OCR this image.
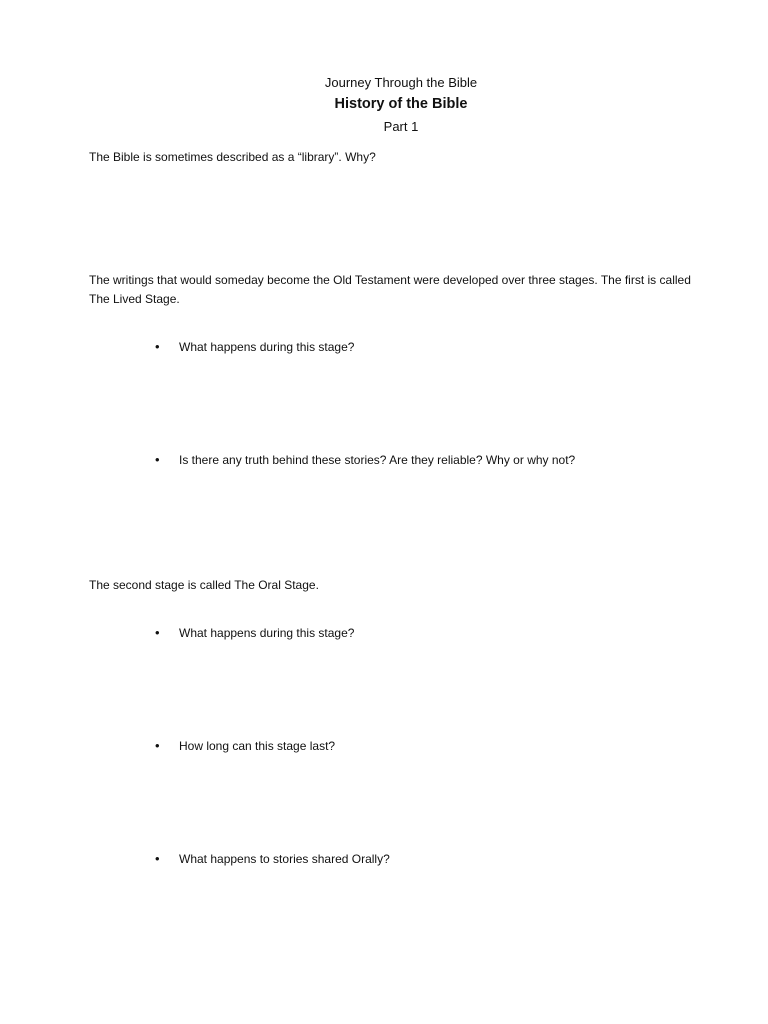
Journey Through the Bible
History of the Bible
Part 1
The Bible is sometimes described as a “library”. Why?
The writings that would someday become the Old Testament were developed over three stages. The first is called The Lived Stage.
• What happens during this stage?
• Is there any truth behind these stories? Are they reliable? Why or why not?
The second stage is called The Oral Stage.
• What happens during this stage?
• How long can this stage last?
• What happens to stories shared Orally?
